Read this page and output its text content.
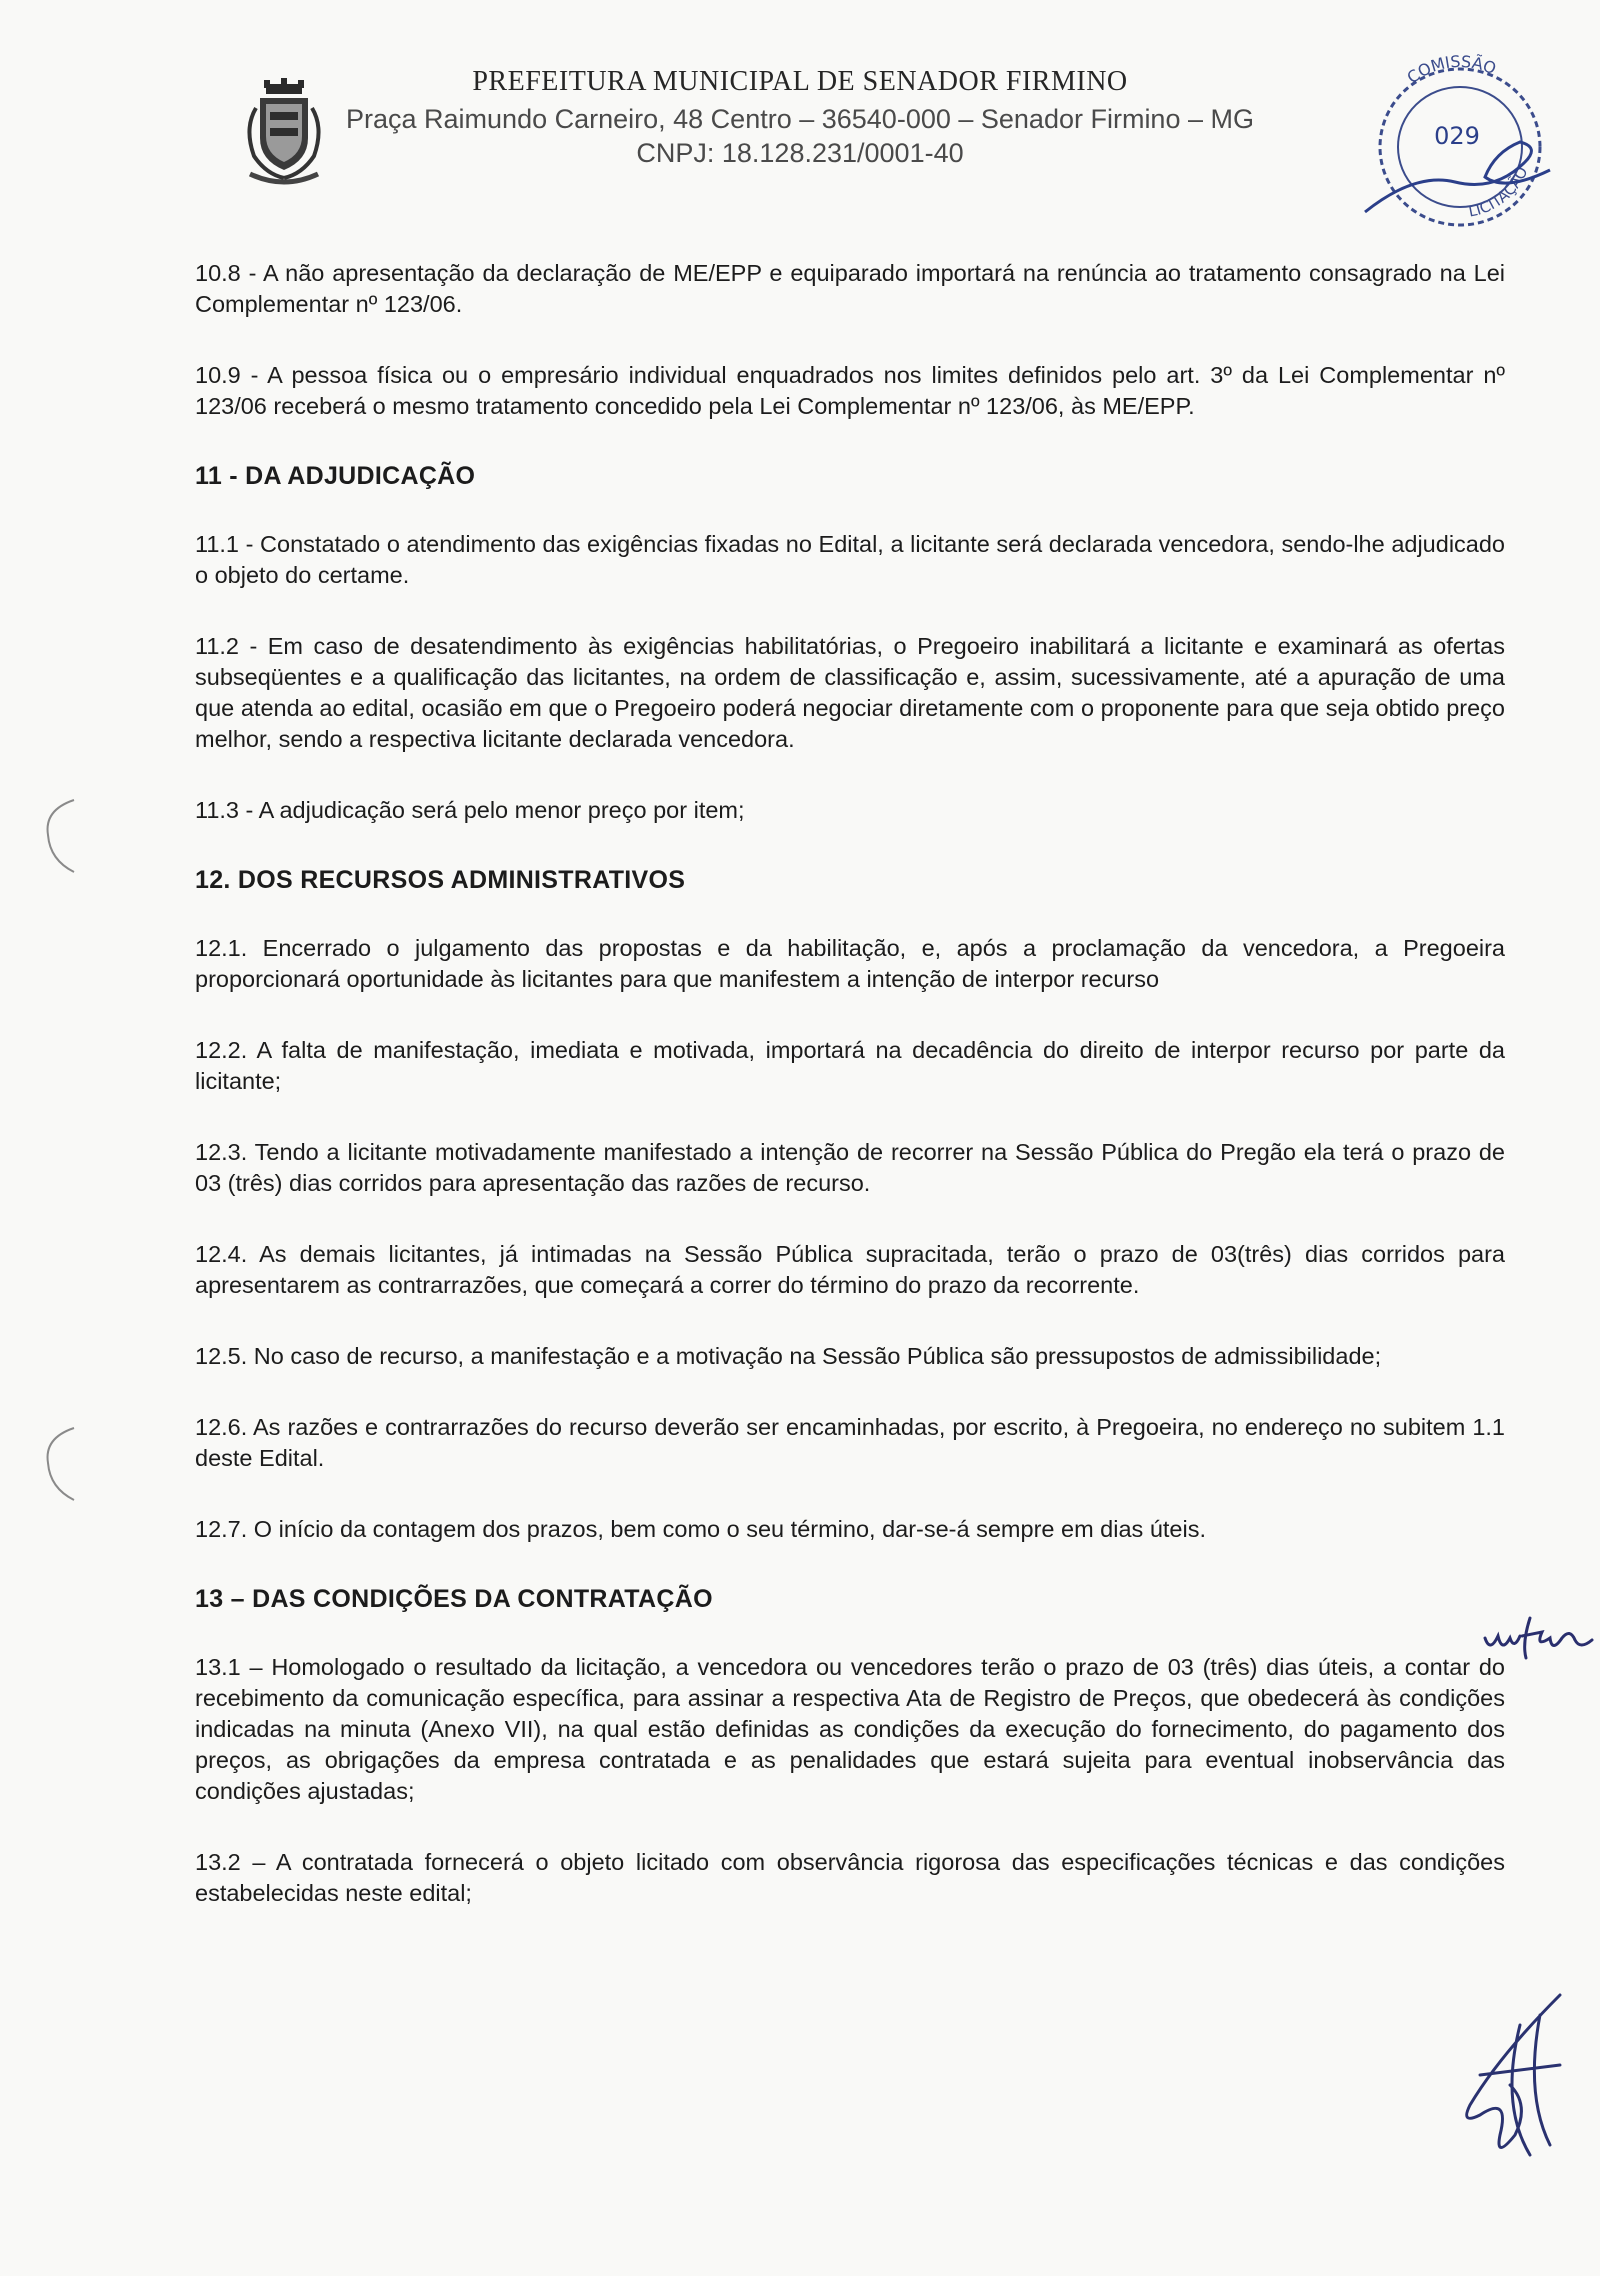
PREFEITURA MUNICIPAL DE SENADOR FIRMINO
Praça Raimundo Carneiro, 48 Centro – 36540-000 – Senador Firmino – MG
CNPJ: 18.128.231/0001-40
COMISSÃO
LICITAÇÃO
029
10.8 - A não apresentação da declaração de ME/EPP e equiparado importará na renúncia ao tratamento consagrado na Lei Complementar nº 123/06.
10.9 - A pessoa física ou o empresário individual enquadrados nos limites definidos pelo art. 3º da Lei Complementar nº 123/06 receberá o mesmo tratamento concedido pela Lei Complementar nº 123/06, às ME/EPP.
11 - DA ADJUDICAÇÃO
11.1 - Constatado o atendimento das exigências fixadas no Edital, a licitante será declarada vencedora, sendo-lhe adjudicado o objeto do certame.
11.2 - Em caso de desatendimento às exigências habilitatórias, o Pregoeiro inabilitará a licitante e examinará as ofertas subseqüentes e a qualificação das licitantes, na ordem de classificação e, assim, sucessivamente, até a apuração de uma que atenda ao edital, ocasião em que o Pregoeiro poderá negociar diretamente com o proponente para que seja obtido preço melhor, sendo a respectiva licitante declarada vencedora.
11.3 - A adjudicação será pelo menor preço por item;
12. DOS RECURSOS ADMINISTRATIVOS
12.1. Encerrado o julgamento das propostas e da habilitação, e, após a proclamação da vencedora, a Pregoeira proporcionará oportunidade às licitantes para que manifestem a intenção de interpor recurso
12.2. A falta de manifestação, imediata e motivada, importará na decadência do direito de interpor recurso por parte da licitante;
12.3. Tendo a licitante motivadamente manifestado a intenção de recorrer na Sessão Pública do Pregão ela terá o prazo de 03 (três) dias corridos para apresentação das razões de recurso.
12.4. As demais licitantes, já intimadas na Sessão Pública supracitada, terão o prazo de 03(três) dias corridos para apresentarem as contrarrazões, que começará a correr do término do prazo da recorrente.
12.5. No caso de recurso, a manifestação e a motivação na Sessão Pública são pressupostos de admissibilidade;
12.6. As razões e contrarrazões do recurso deverão ser encaminhadas, por escrito, à Pregoeira, no endereço no subitem 1.1 deste Edital.
12.7. O início da contagem dos prazos, bem como o seu término, dar-se-á sempre em dias úteis.
13 – DAS CONDIÇÕES DA CONTRATAÇÃO
13.1 – Homologado o resultado da licitação, a vencedora ou vencedores terão o prazo de 03 (três) dias úteis, a contar do recebimento da comunicação específica, para assinar a respectiva Ata de Registro de Preços, que obedecerá às condições indicadas na minuta (Anexo VII), na qual estão definidas as condições da execução do fornecimento, do pagamento dos preços, as obrigações da empresa contratada e as penalidades que estará sujeita para eventual inobservância das condições ajustadas;
13.2 – A contratada fornecerá o objeto licitado com observância rigorosa das especificações técnicas e das condições estabelecidas neste edital;
